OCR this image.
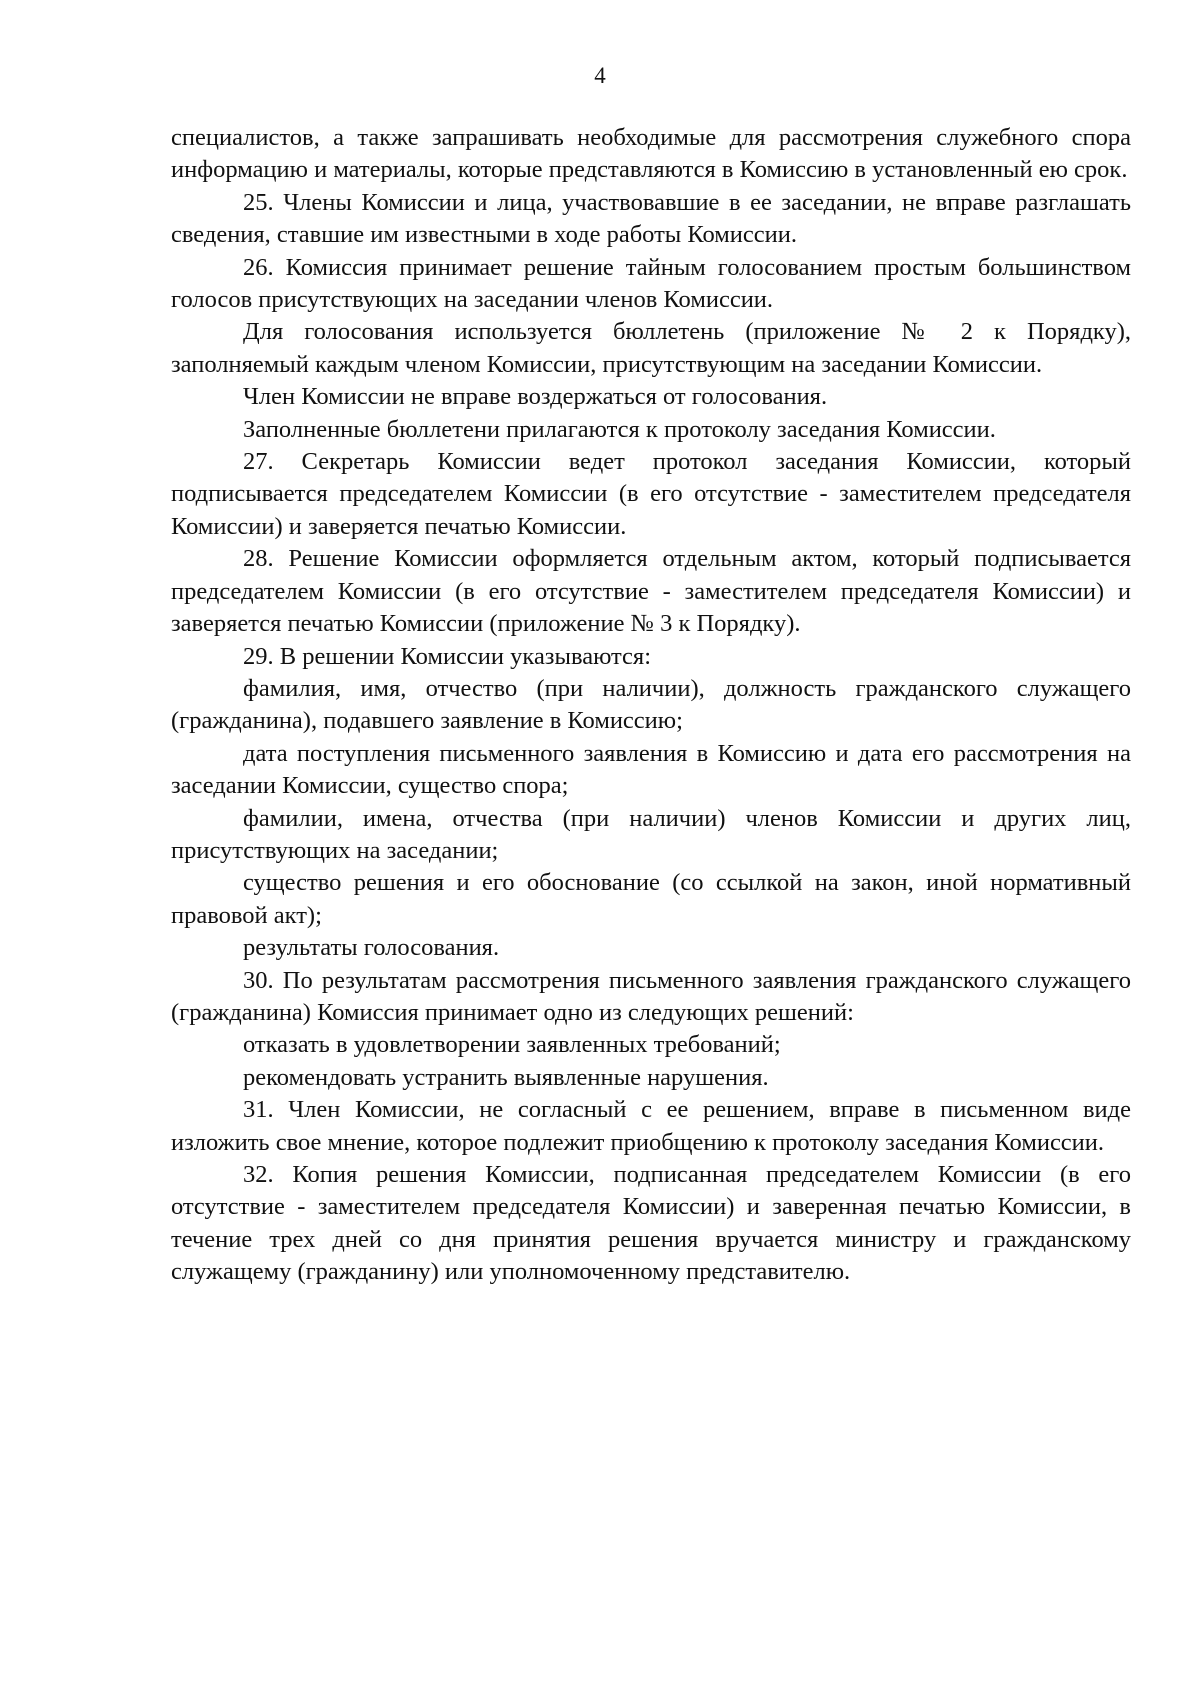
4

специалистов, а также запрашивать необходимые для рассмотрения служебного спора информацию и материалы, которые представляются в Комиссию в установленный ею срок.

25. Члены Комиссии и лица, участвовавшие в ее заседании, не вправе разглашать сведения, ставшие им известными в ходе работы Комиссии.

26. Комиссия принимает решение тайным голосованием простым большинством голосов присутствующих на заседании членов Комиссии.

Для голосования используется бюллетень (приложение № 2 к Порядку), заполняемый каждым членом Комиссии, присутствующим на заседании Комиссии.

Член Комиссии не вправе воздержаться от голосования.

Заполненные бюллетени прилагаются к протоколу заседания Комиссии.

27. Секретарь Комиссии ведет протокол заседания Комиссии, который подписывается председателем Комиссии (в его отсутствие - заместителем председателя Комиссии) и заверяется печатью Комиссии.

28. Решение Комиссии оформляется отдельным актом, который подписывается председателем Комиссии (в его отсутствие - заместителем председателя Комиссии) и заверяется печатью Комиссии (приложение № 3 к Порядку).

29. В решении Комиссии указываются:

фамилия, имя, отчество (при наличии), должность гражданского служащего (гражданина), подавшего заявление в Комиссию;

дата поступления письменного заявления в Комиссию и дата его рассмотрения на заседании Комиссии, существо спора;

фамилии, имена, отчества (при наличии) членов Комиссии и других лиц, присутствующих на заседании;

существо решения и его обоснование (со ссылкой на закон, иной нормативный правовой акт);

результаты голосования.

30. По результатам рассмотрения письменного заявления гражданского служащего (гражданина) Комиссия принимает одно из следующих решений:

отказать в удовлетворении заявленных требований;

рекомендовать устранить выявленные нарушения.

31. Член Комиссии, не согласный с ее решением, вправе в письменном виде изложить свое мнение, которое подлежит приобщению к протоколу заседания Комиссии.

32. Копия решения Комиссии, подписанная председателем Комиссии (в его отсутствие - заместителем председателя Комиссии) и заверенная печатью Комиссии, в течение трех дней со дня принятия решения вручается министру и гражданскому служащему (гражданину) или уполномоченному представителю.
